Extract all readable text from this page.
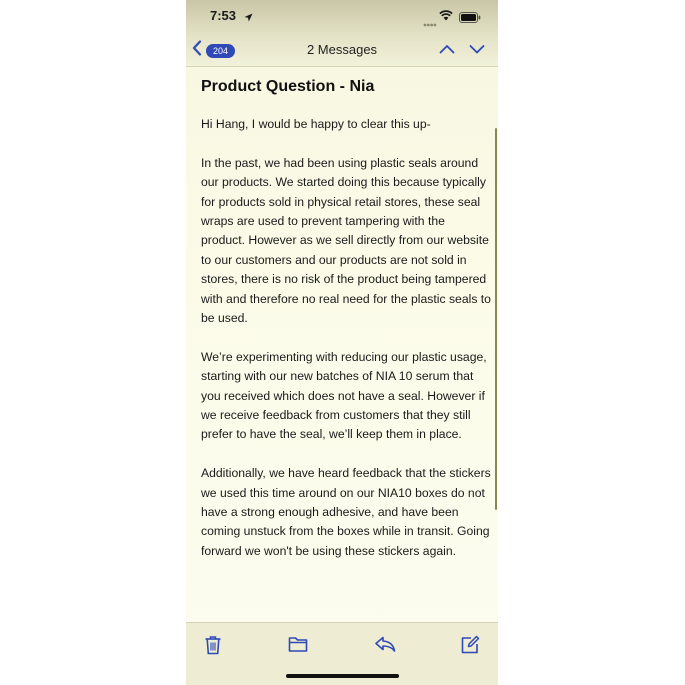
7:53
204	2 Messages
Product Question - Nia

Hi Hang, I would be happy to clear this up-

In the past, we had been using plastic seals around our products. We started doing this because typically for products sold in physical retail stores, these seal wraps are used to prevent tampering with the product. However as we sell directly from our website to our customers and our products are not sold in stores, there is no risk of the product being tampered with and therefore no real need for the plastic seals to be used.

We’re experimenting with reducing our plastic usage, starting with our new batches of NIA 10 serum that you received which does not have a seal. However if we receive feedback from customers that they still prefer to have the seal, we’ll keep them in place.

Additionally, we have heard feedback that the stickers we used this time around on our NIA10 boxes do not have a strong enough adhesive, and have been coming unstuck from the boxes while in transit. Going forward we won't be using these stickers again.
